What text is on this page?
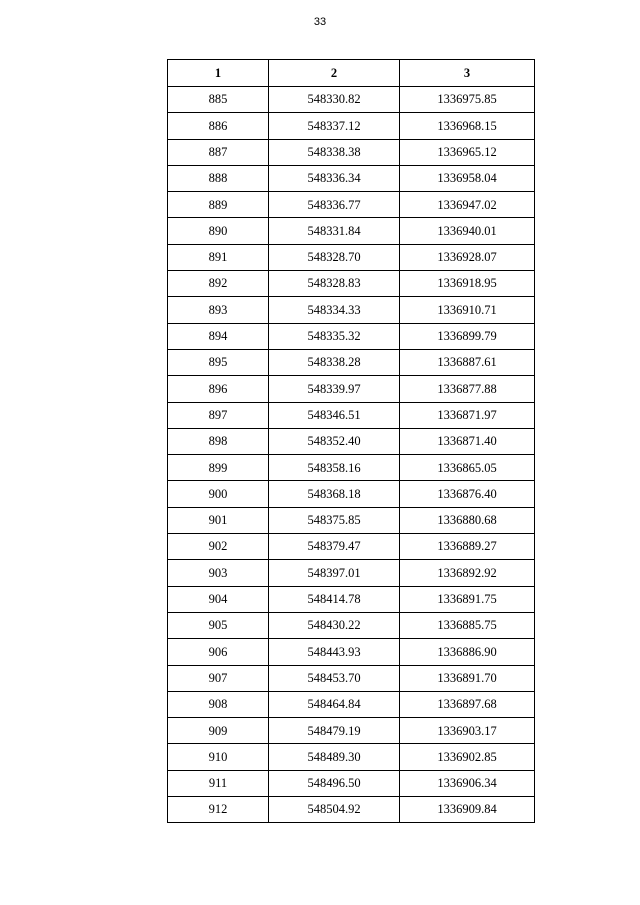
33
1	2	3
885	548330.82	1336975.85
886	548337.12	1336968.15
887	548338.38	1336965.12
888	548336.34	1336958.04
889	548336.77	1336947.02
890	548331.84	1336940.01
891	548328.70	1336928.07
892	548328.83	1336918.95
893	548334.33	1336910.71
894	548335.32	1336899.79
895	548338.28	1336887.61
896	548339.97	1336877.88
897	548346.51	1336871.97
898	548352.40	1336871.40
899	548358.16	1336865.05
900	548368.18	1336876.40
901	548375.85	1336880.68
902	548379.47	1336889.27
903	548397.01	1336892.92
904	548414.78	1336891.75
905	548430.22	1336885.75
906	548443.93	1336886.90
907	548453.70	1336891.70
908	548464.84	1336897.68
909	548479.19	1336903.17
910	548489.30	1336902.85
911	548496.50	1336906.34
912	548504.92	1336909.84
